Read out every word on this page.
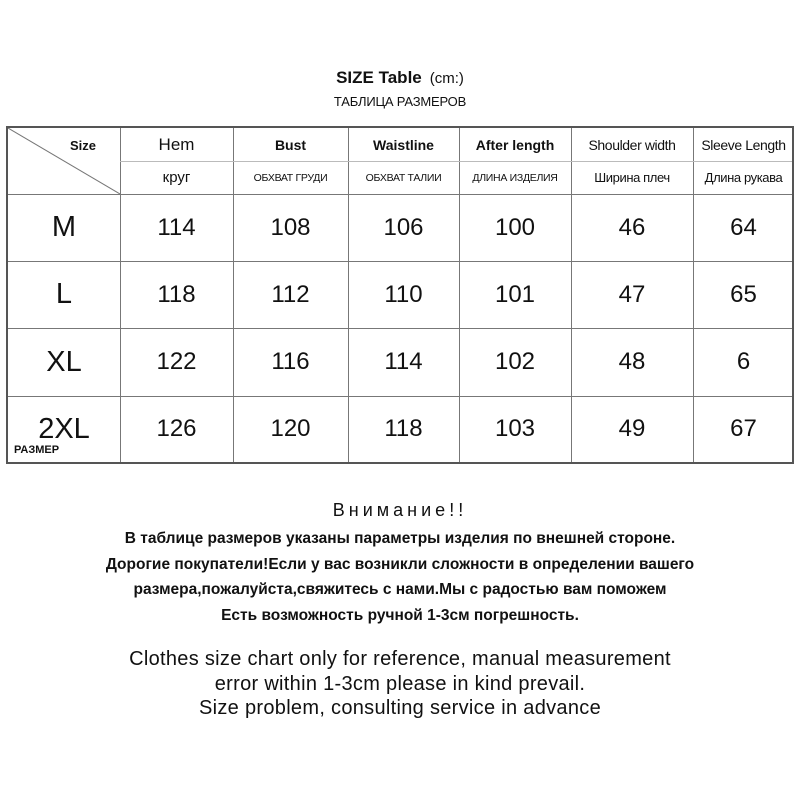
SIZE Table (cm:)
ТАБЛИЦА РАЗМЕРОВ
Size
РАЗМЕР
Hem	Bust	Waistline	After length	Shoulder width	Sleeve Length
круг	ОБХВАТ ГРУДИ	ОБХВАТ ТАЛИИ	ДЛИНА ИЗДЕЛИЯ	Ширина плеч	Длина рукава
M	114	108	106	100	46	64
L	118	112	110	101	47	65
XL	122	116	114	102	48	6
2XL	126	120	118	103	49	67
Внимание!!
В таблице размеров указаны параметры изделия по внешней стороне.
Дорогие покупатели!Если у вас возникли сложности в определении вашего
размера,пожалуйста,свяжитесь с нами.Мы с радостью вам поможем
Есть возможность ручной 1-3см погрешность.
Clothes size chart only for reference, manual measurement
error within 1-3cm please in kind prevail.
Size problem, consulting service in advance
